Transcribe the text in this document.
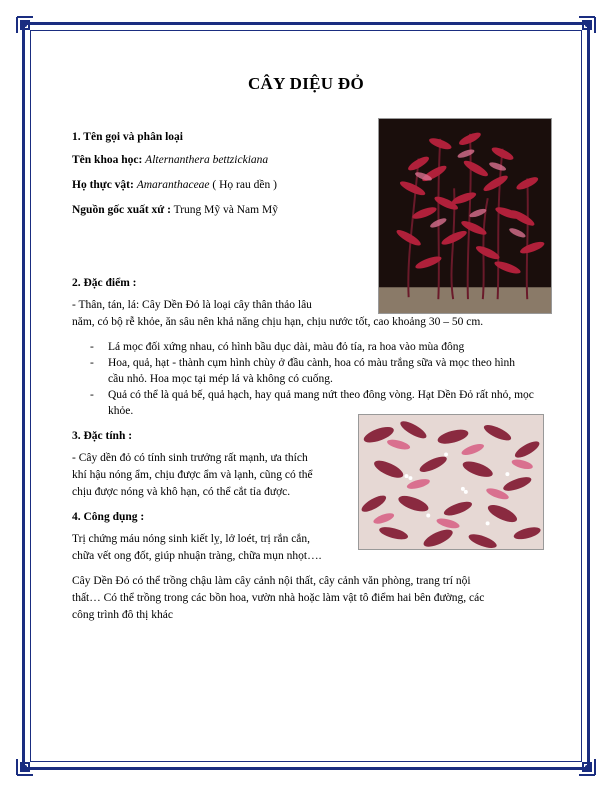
CÂY DIỆU ĐỎ
1. Tên gọi và phân loại
Tên khoa học: Alternanthera bettzickiana
Họ thực vật: Amaranthaceae ( Họ rau dền )
Nguồn gốc xuất xứ : Trung Mỹ và Nam Mỹ
2. Đặc điểm :
- Thân, tán, lá: Cây Dền Đỏ là loại cây thân thảo lâu
năm, có bộ rễ khỏe, ăn sâu nên khả năng chịu hạn, chịu nước tốt, cao khoảng 30 – 50 cm.
- Lá mọc đối xứng nhau, có hình bầu dục dài, màu đỏ tía, ra hoa vào mùa đông
- Hoa, quả, hạt - thành cụm hình chùy ở đầu cành, hoa có màu trắng sữa và mọc theo hình cầu nhỏ. Hoa mọc tại mép lá và không có cuống.
- Quả có thể là quả bế, quả hạch, hay quả mang nứt theo đông vòng. Hạt Dền Đỏ rất nhỏ, mọc khỏe.
3. Đặc tính :
- Cây dền đỏ có tính sinh trưởng rất mạnh, ưa thích
khí hậu nóng ẩm, chịu được ẩm và lạnh, cũng có thể
chịu được nóng và khô hạn, có thể cắt tỉa được.
4. Công dụng :
Trị chứng máu nóng sinh kiết lỵ, lở loét, trị rắn cắn,
chữa vết ong đốt, giúp nhuận tràng, chữa mụn nhọt….
Cây Dền Đỏ có thể trồng chậu làm cây cảnh nội thất, cây cảnh văn phòng, trang trí nội
thất… Có thể trồng trong các bồn hoa, vườn nhà hoặc làm vật tô điểm hai bên đường, các
công trình đô thị khác
